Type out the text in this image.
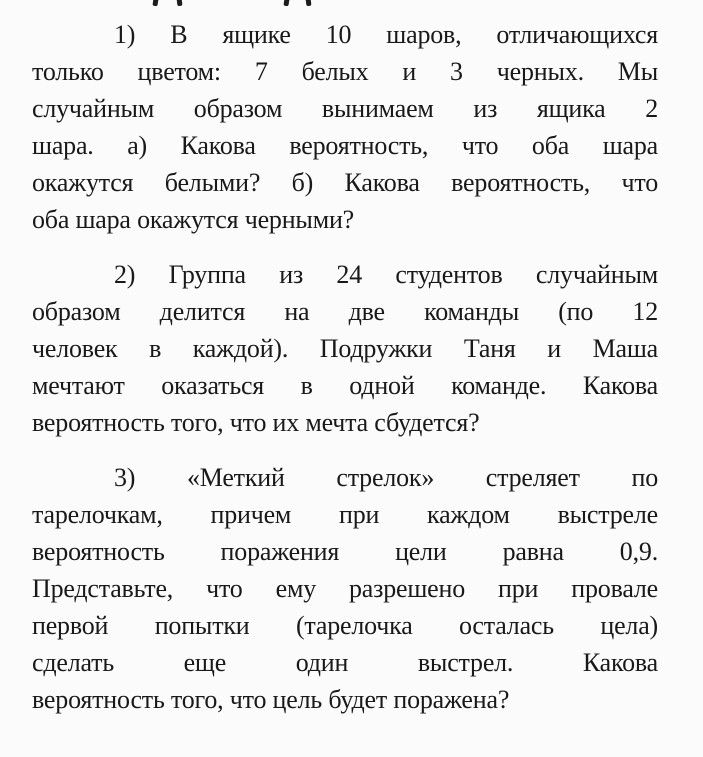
1) В ящике 10 шаров, отличающихся
только цветом: 7 белых и 3 черных. Мы
случайным образом вынимаем из ящика 2
шара. а) Какова вероятность, что оба шара
окажутся белыми? б) Какова вероятность, что
оба шара окажутся черными?
2) Группа из 24 студентов случайным
образом делится на две команды (по 12
человек в каждой). Подружки Таня и Маша
мечтают оказаться в одной команде. Какова
вероятность того, что их мечта сбудется?
3) «Меткий стрелок» стреляет по
тарелочкам, причем при каждом выстреле
вероятность поражения цели равна 0,9.
Представьте, что ему разрешено при провале
первой попытки (тарелочка осталась цела)
сделать еще один выстрел. Какова
вероятность того, что цель будет поражена?
